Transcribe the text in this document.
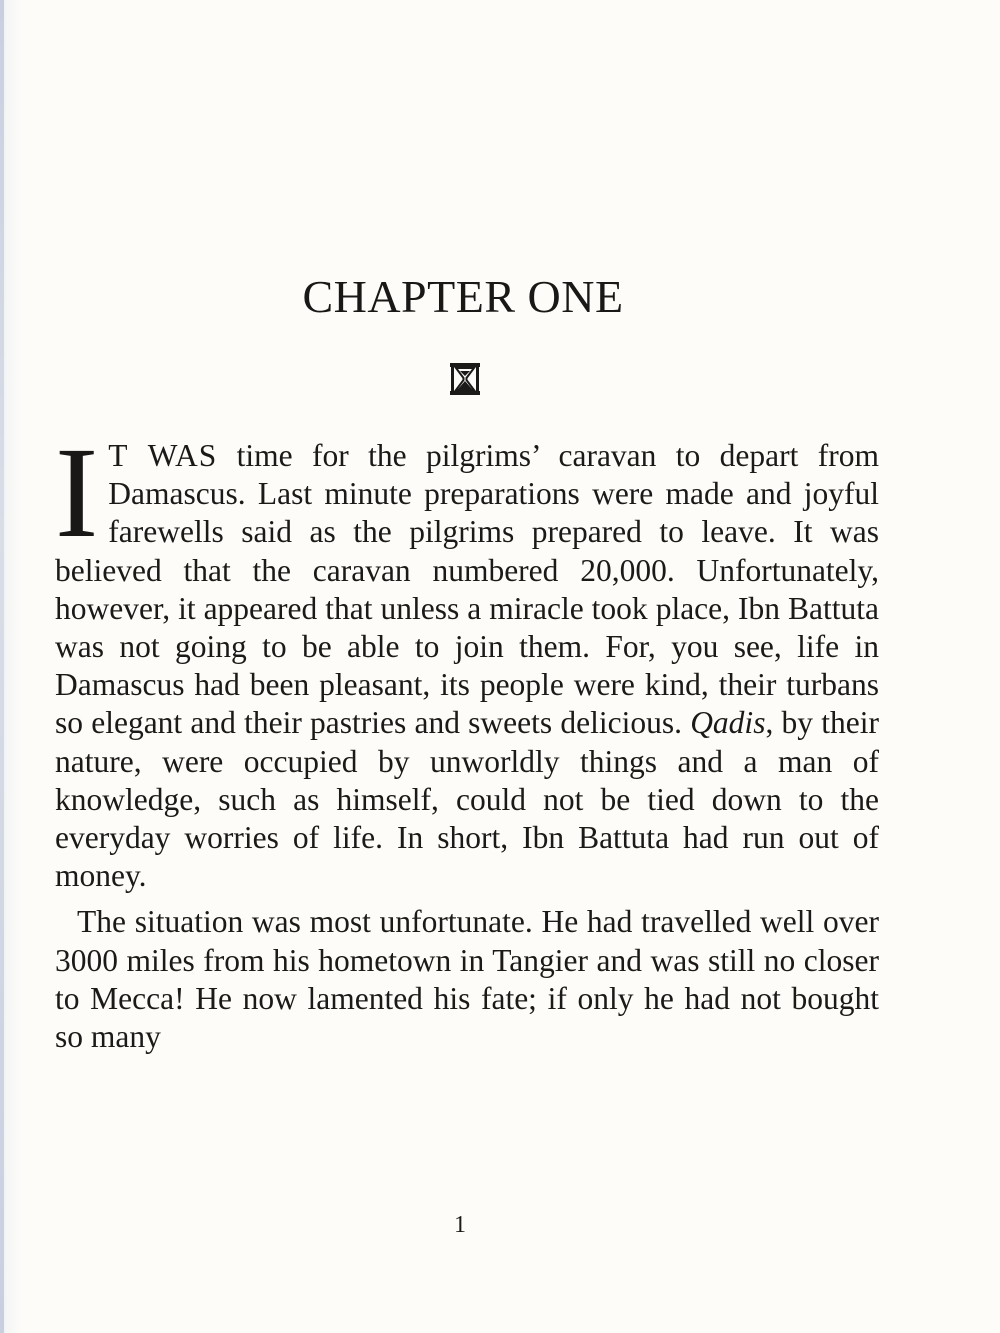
CHAPTER ONE

I T WAS time for the pilgrims’ caravan to depart from Damascus. Last minute preparations were made and joyful farewells said as the pilgrims prepared to leave. It was believed that the caravan numbered 20,000. Unfortunately, however, it appeared that unless a miracle took place, Ibn Battuta was not going to be able to join them. For, you see, life in Damascus had been pleasant, its people were kind, their turbans so elegant and their pastries and sweets delicious. Qadis, by their nature, were occupied by unworldly things and a man of knowledge, such as himself, could not be tied down to the everyday worries of life. In short, Ibn Battuta had run out of money.

The situation was most unfortunate. He had travelled well over 3000 miles from his hometown in Tangier and was still no closer to Mecca! He now lamented his fate; if only he had not bought so many

1
